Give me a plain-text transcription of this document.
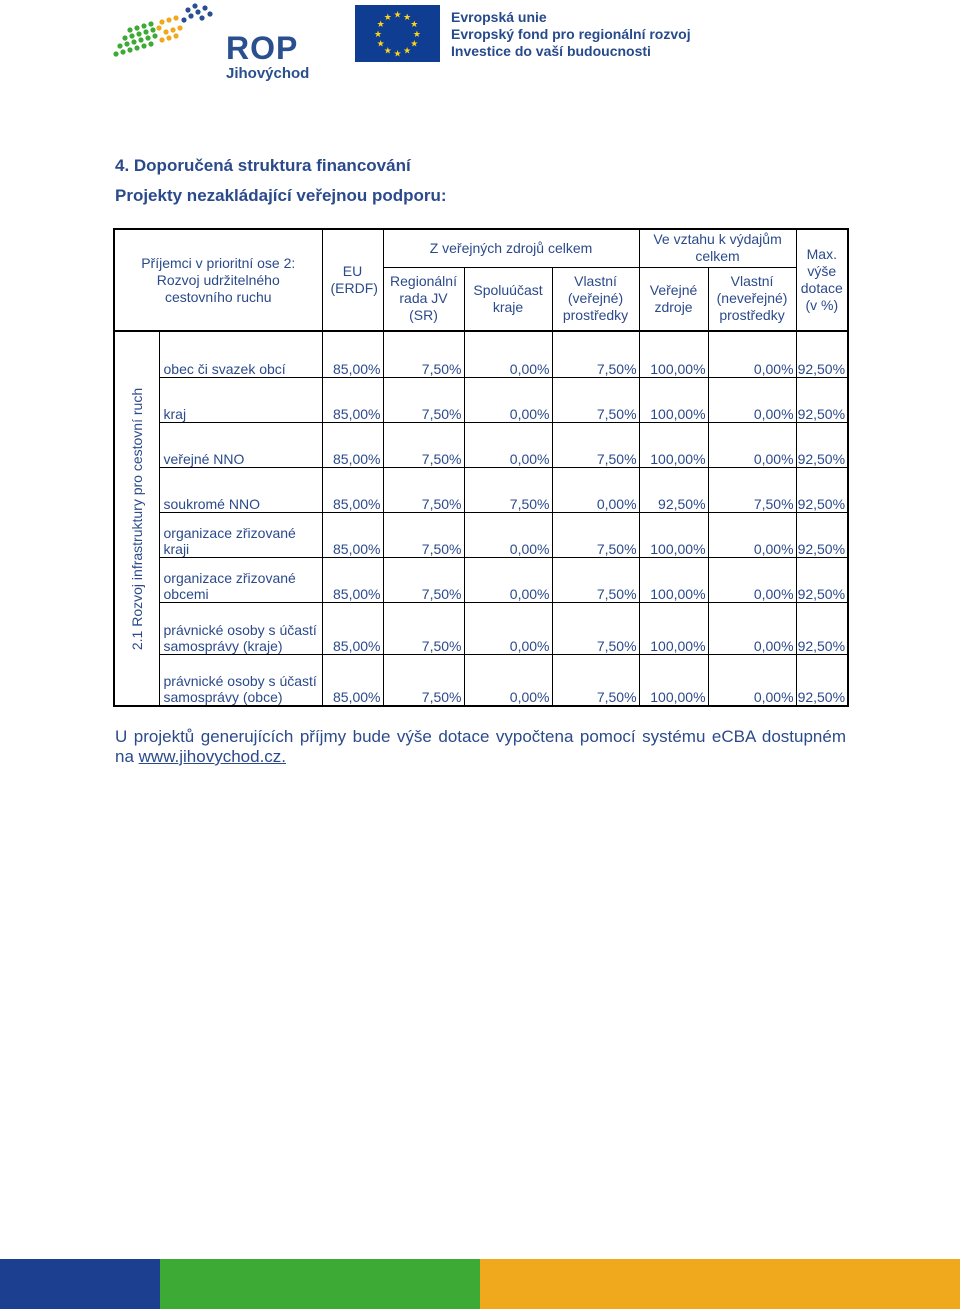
ROP
Jihovýchod
★ ★
★
★
★
★
★
★
★
★
★
★	Evropská unie
Evropský fond pro regionální rozvoj
Investice do vaší budoucnosti
4. Doporučená struktura financování
Projekty nezakládající veřejnou podporu:
Příjemci v prioritní ose 2: Rozvoj udržitelného cestovního ruchu		EU (ERDF)	Z veřejných zdrojů celkem			Ve vztahu k výdajům celkem		Max. výše dotace (v %)

			Regionální rada JV (SR)	Spoluúčast kraje	Vlastní (veřejné) prostředky	Veřejné zdroje	Vlastní (neveřejné) prostředky	

2.1 Rozvoj infrastruktury pro cestovní ruch	obec či svazek obcí	85,00%	7,50%	0,00%	7,50%	100,00%	0,00%	92,50%
	kraj	85,00%	7,50%	0,00%	7,50%	100,00%	0,00%	92,50%
	veřejné NNO	85,00%	7,50%	0,00%	7,50%	100,00%	0,00%	92,50%
	soukromé NNO	85,00%	7,50%	7,50%	0,00%	92,50%	7,50%	92,50%
	organizace zřizované kraji	85,00%	7,50%	0,00%	7,50%	100,00%	0,00%	92,50%
	organizace zřizované obcemi	85,00%	7,50%	0,00%	7,50%	100,00%	0,00%	92,50%
	právnické osoby s účastí samosprávy (kraje)	85,00%	7,50%	0,00%	7,50%	100,00%	0,00%	92,50%
	právnické osoby s účastí samosprávy (obce)	85,00%	7,50%	0,00%	7,50%	100,00%	0,00%	92,50%

U projektů generujících příjmy bude výše dotace vypočtena pomocí systému eCBA dostupném na www.jihovychod.cz.
